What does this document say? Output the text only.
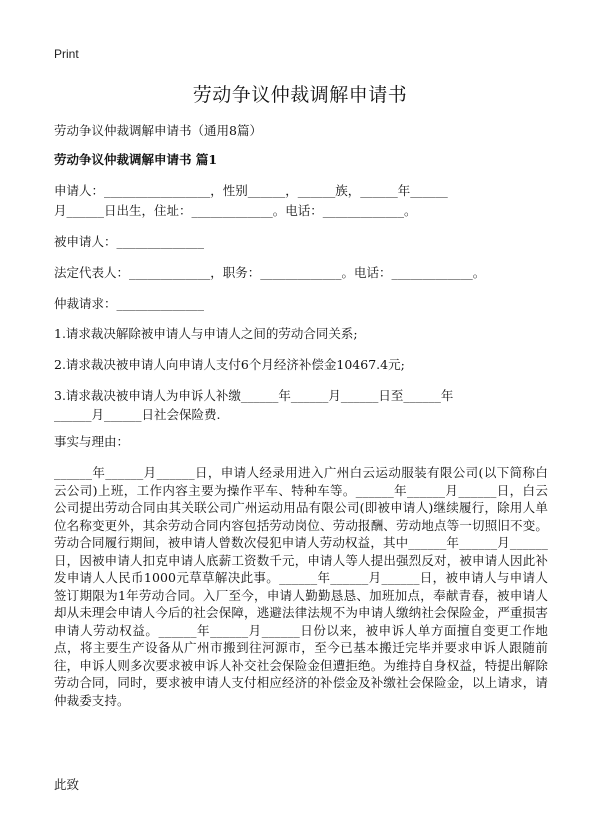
Print
劳动争议仲裁调解申请书
劳动争议仲裁调解申请书（通用8篇）
劳动争议仲裁调解申请书 篇1
申请人：_________________，性别______，______族，______年______
月______日出生，住址：_____________。电话：_____________。
被申请人：______________
法定代表人：_____________，职务：_____________。电话：_____________。
仲裁请求：______________
1.请求裁决解除被申请人与申请人之间的劳动合同关系;
2.请求裁决被申请人向申请人支付6个月经济补偿金10467.4元;
3.请求裁决被申请人为申诉人补缴______年______月______日至______年
______月______日社会保险费.
事实与理由：
______年______月______日，申请人经录用进入广州白云运动服装有限公司(以下简称白云公司)上班，工作内容主要为操作平车、特种车等。______年______月______日，白云公司提出劳动合同由其关联公司广州运动用品有限公司(即被申请人)继续履行，除用人单位名称变更外，其余劳动合同内容包括劳动岗位、劳动报酬、劳动地点等一切照旧不变。劳动合同履行期间，被申请人曾数次侵犯申请人劳动权益，其中______年______月______日，因被申请人扣克申请人底薪工资数千元，申请人等人提出强烈反对，被申请人因此补发申请人人民币1000元草草解决此事。______年______月______日，被申请人与申请人签订期限为1年劳动合同。入厂至今，申请人勤勤恳恳、加班加点，奉献青春，被申请人却从未理会申请人今后的社会保障，逃避法律法规不为申请人缴纳社会保险金，严重损害申请人劳动权益。______年______月______日份以来，被申诉人单方面擅自变更工作地点，将主要生产设备从广州市搬到往河源市，至今已基本搬迁完毕并要求申诉人跟随前往，申诉人则多次要求被申诉人补交社会保险金但遭拒绝。为维持自身权益，特提出解除劳动合同，同时，要求被申请人支付相应经济的补偿金及补缴社会保险金，以上请求，请仲裁委支持。
此致
